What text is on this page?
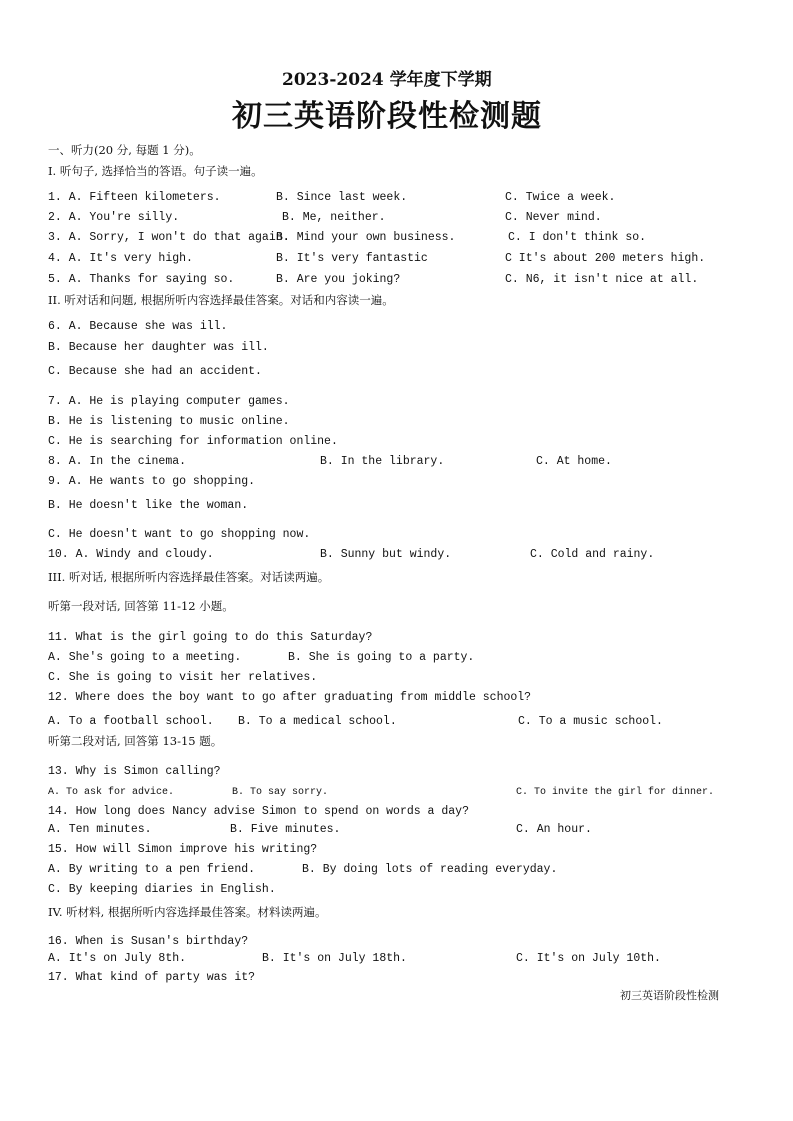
2023-2024 学年度下学期
初三英语阶段性检测题
一、听力(20 分, 每题 1 分)。
I. 听句子, 选择恰当的答语。句子读一遍。
1. A. Fifteen kilometers.	B. Since last week.	C. Twice a week.
2. A. You're silly.	B. Me, neither.	C. Never mind.
3. A. Sorry, I won't do that again.
B. Mind your own business.	C. I don't think so.
4. A. It's very high.	B. It's very fantastic	C It's about 200 meters high.
5. A. Thanks for saying so.	B. Are you joking?	C. N6, it isn't nice at all.
II. 听对话和问题, 根据所听内容选择最佳答案。对话和内容读一遍。
6. A. Because she was ill.
B. Because her daughter was ill.
C. Because she had an accident.
7. A. He is playing computer games.
B. He is listening to music online.
C. He is searching for information online.
8. A. In the cinema.	B. In the library.	C. At home.
9. A. He wants to go shopping.
B. He doesn't like the woman.
C. He doesn't want to go shopping now.
10. A. Windy and cloudy.	B. Sunny but windy.	C. Cold and rainy.
III. 听对话, 根据所听内容选择最佳答案。对话读两遍。
听第一段对话, 回答第 11-12 小题。
11. What is the girl going to do this Saturday?
A. She's going to a meeting.	B. She is going to a party.
C. She is going to visit her relatives.
12. Where does the boy want to go after graduating from middle school?
A. To a football school. B. To a medical school.	C. To a music school.
听第二段对话, 回答第 13-15 题。
13. Why is Simon calling?
A. To ask for advice.	B. To say sorry.	C. To invite the girl for dinner.
14. How long does Nancy advise Simon to spend on words a day?
A. Ten minutes.	B. Five minutes.	C. An hour.
15. How will Simon improve his writing?
A. By writing to a pen friend.	B. By doing lots of reading everyday.
C. By keeping diaries in English.
IV. 听材料, 根据所听内容选择最佳答案。材料读两遍。
16. When is Susan's birthday?
A. It's on July 8th.	B. It's on July 18th.	C. It's on July 10th.
17. What kind of party was it?
初三英语阶段性检测
